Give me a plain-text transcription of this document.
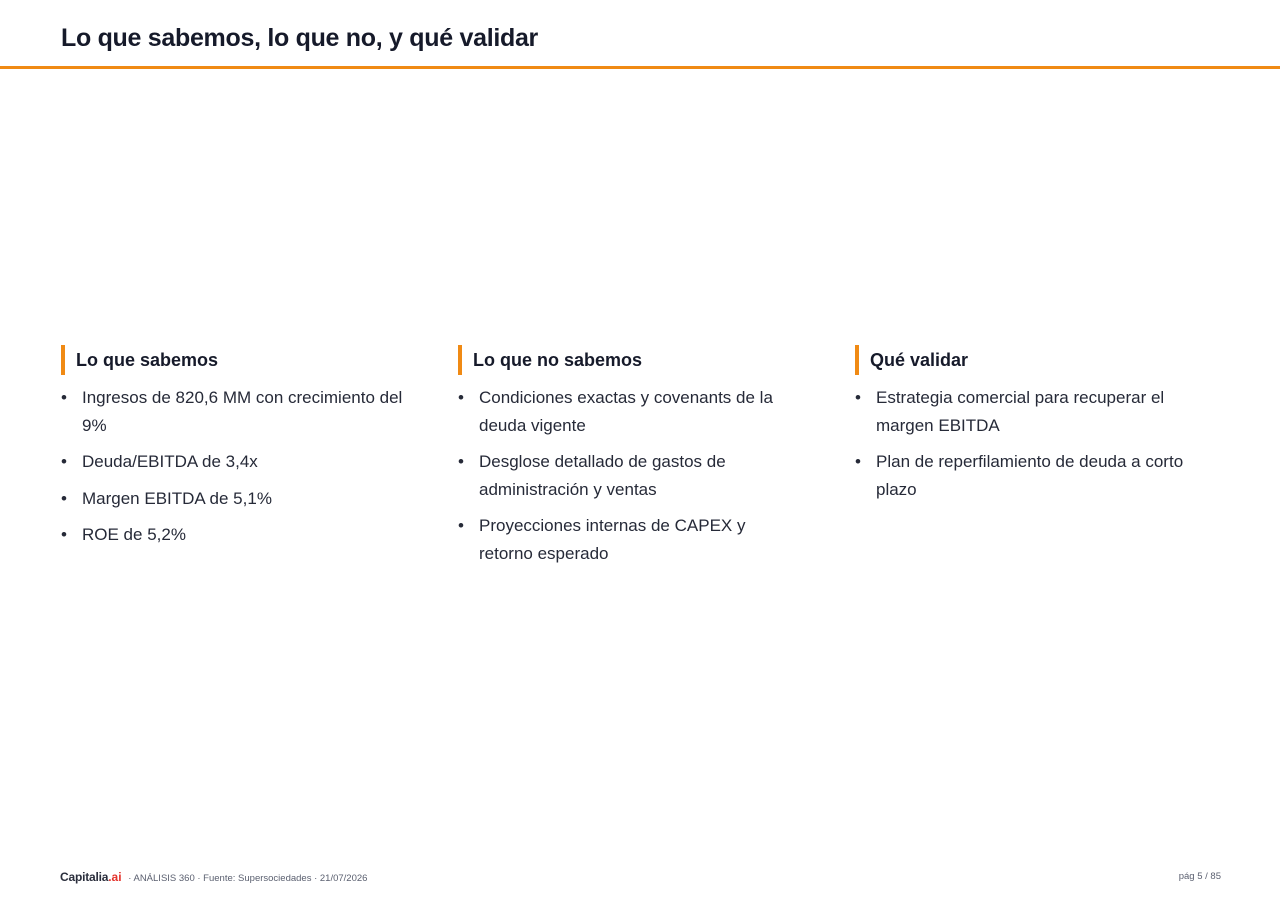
Lo que sabemos, lo que no, y qué validar
Lo que sabemos
• Ingresos de 820,6 MM con crecimiento del 9%
• Deuda/EBITDA de 3,4x
• Margen EBITDA de 5,1%
• ROE de 5,2%
Lo que no sabemos
• Condiciones exactas y covenants de la deuda vigente
• Desglose detallado de gastos de administración y ventas
• Proyecciones internas de CAPEX y retorno esperado
Qué validar
• Estrategia comercial para recuperar el margen EBITDA
• Plan de reperfilamiento de deuda a corto plazo
Capitalia.ai · ANÁLISIS 360 · Fuente: Supersociedades · 21/07/2026	pág 5 / 85
